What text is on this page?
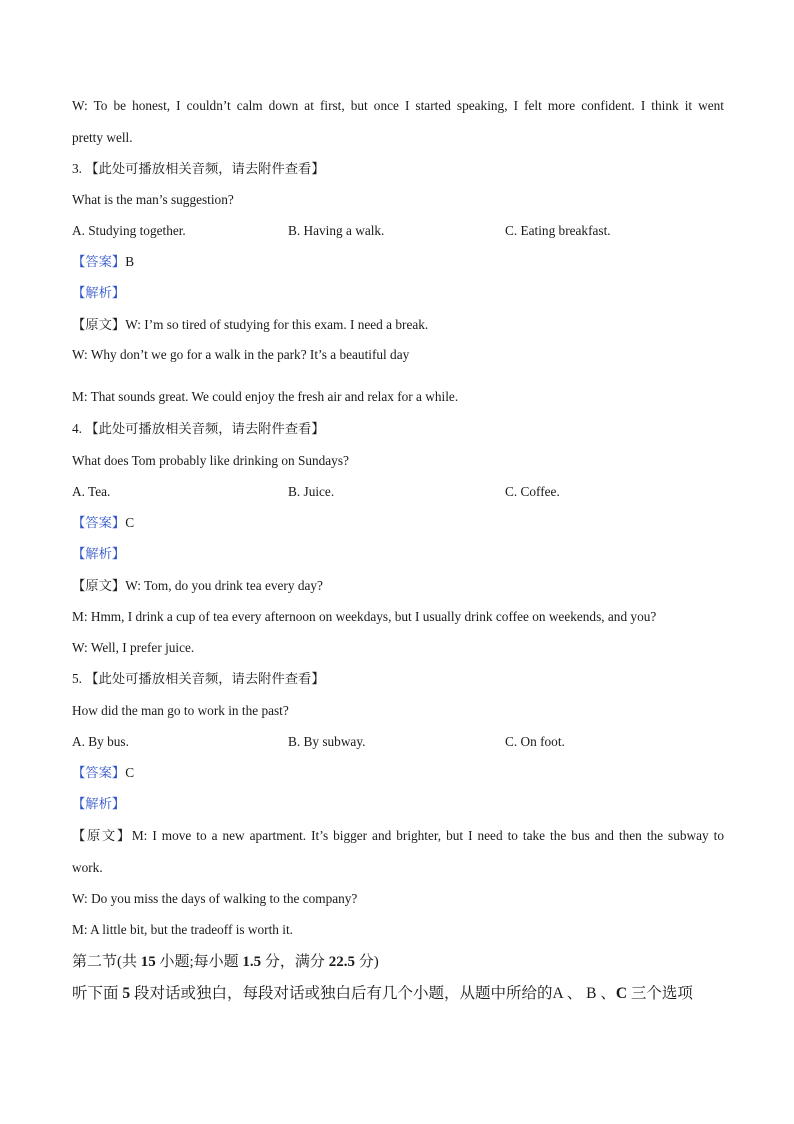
W: To be honest, I couldn’t calm down at first, but once I started speaking, I felt more confident. I think it went
pretty well.
3. 【此处可播放相关音频，请去附件查看】
What is the man’s suggestion?
A. Studying together.	B. Having a walk.	C. Eating breakfast.
【答案】B
【解析】
【原文】W: I’m so tired of studying for this exam. I need a break.
W: Why don’t we go for a walk in the park? It’s a beautiful day
M: That sounds great. We could enjoy the fresh air and relax for a while.
4. 【此处可播放相关音频，请去附件查看】
What does Tom probably like drinking on Sundays?
A. Tea.	B. Juice.	C. Coffee.
【答案】C
【解析】
【原文】W: Tom, do you drink tea every day?
M: Hmm, I drink a cup of tea every afternoon on weekdays, but I usually drink coffee on weekends, and you?
W: Well, I prefer juice.
5. 【此处可播放相关音频，请去附件查看】
How did the man go to work in the past?
A. By bus.	B. By subway.	C. On foot.
【答案】C
【解析】
【原文】M: I move to a new apartment. It’s bigger and brighter, but I need to take the bus and then the subway to
work.
W: Do you miss the days of walking to the company?
M: A little bit, but the tradeoff is worth it.
第二节(共 15 小题;每小题 1.5 分，满分 22.5 分)
听下面 5 段对话或独白，每段对话或独白后有几个小题，从题中所给的A 、 B 、C 三个选项
